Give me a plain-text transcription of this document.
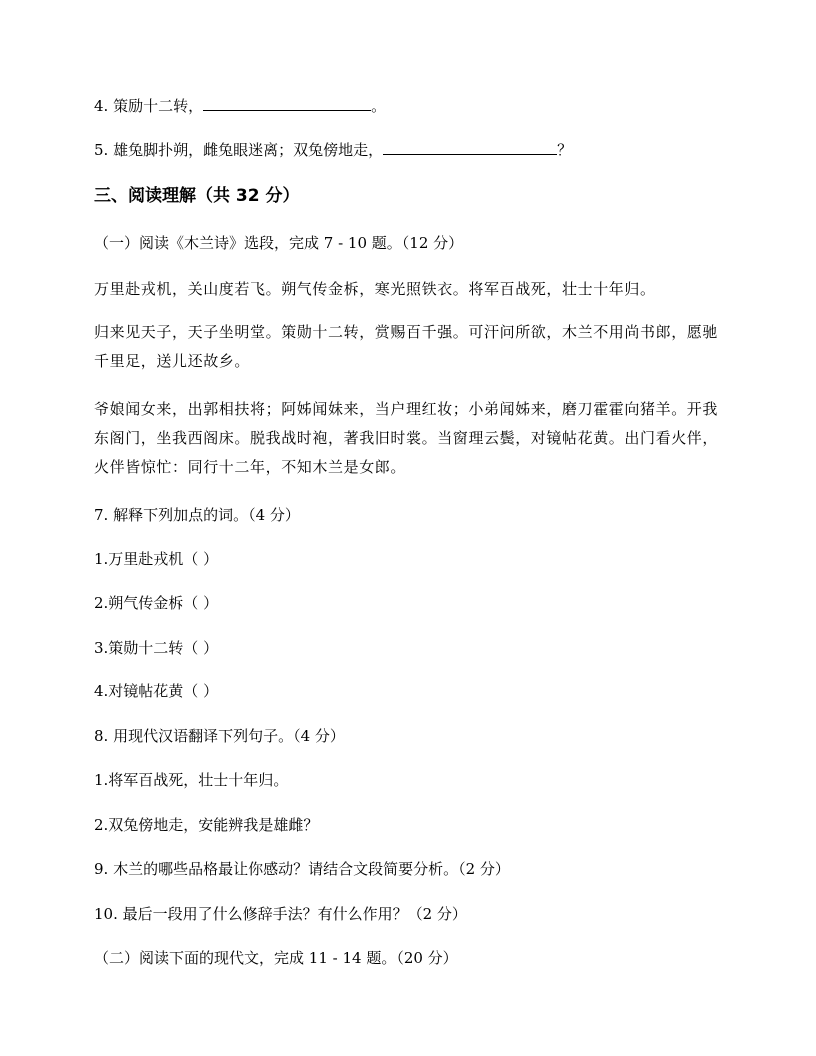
4. 策励十二转，	。
5. 雄兔脚扑朔，雌兔眼迷离；双兔傍地走，	？
三、阅读理解（共 32 分）
（一）阅读《木兰诗》选段，完成 7 - 10 题。（12 分）
万里赴戎机，关山度若飞。朔气传金柝，寒光照铁衣。将军百战死，壮士十年归。
归来见天子，天子坐明堂。策勋十二转，赏赐百千强。可汗问所欲，木兰不用尚书郎，愿驰千里足，送儿还故乡。
爷娘闻女来，出郭相扶将；阿姊闻妹来，当户理红妆；小弟闻姊来，磨刀霍霍向猪羊。开我东阁门，坐我西阁床。脱我战时袍，著我旧时裳。当窗理云鬓，对镜帖花黄。出门看火伴，火伴皆惊忙：同行十二年，不知木兰是女郎。
7. 解释下列加点的词。（4 分）
1.万里赴戎机（ ）
2.朔气传金柝（ ）
3.策勋十二转（ ）
4.对镜帖花黄（ ）
8. 用现代汉语翻译下列句子。（4 分）
1.将军百战死，壮士十年归。
2.双兔傍地走，安能辨我是雄雌？
9. 木兰的哪些品格最让你感动？请结合文段简要分析。（2 分）
10. 最后一段用了什么修辞手法？有什么作用？（2 分）
（二）阅读下面的现代文，完成 11 - 14 题。（20 分）
